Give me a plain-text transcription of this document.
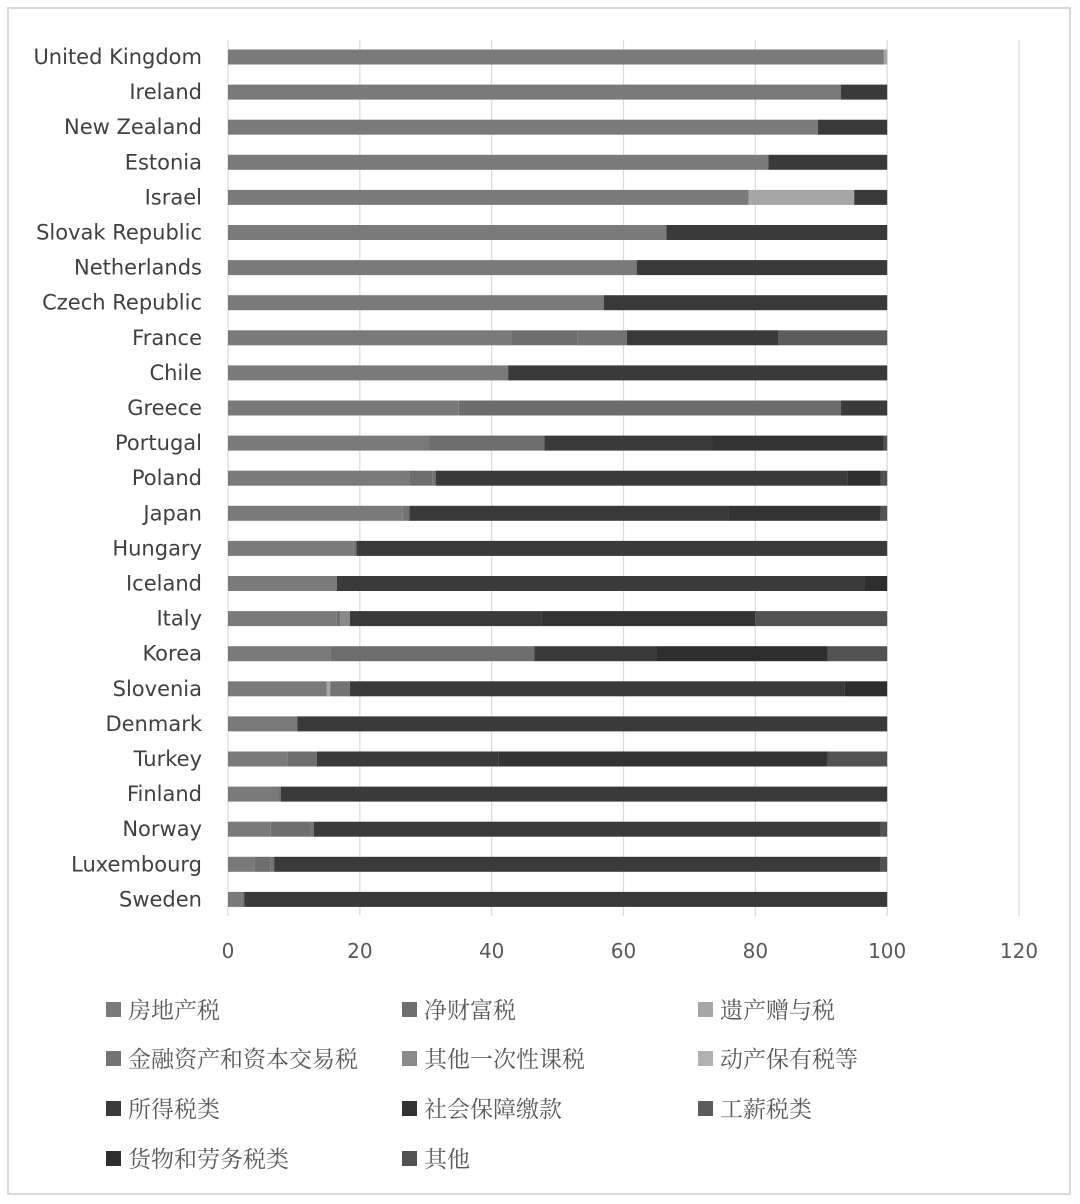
United Kingdom
Ireland
New Zealand
Estonia
Israel
Slovak Republic
Netherlands
Czech Republic
France
Chile
Greece
Portugal
Poland
Japan
Hungary
Iceland
Italy
Korea
Slovenia
Denmark
Turkey
Finland
Norway
Luxembourg
Sweden
0	20	40	60	80	100	120
房地产税	净财富税	遗产赠与税
金融资产和资本交易税	其他一次性课税	动产保有税等
所得税类	社会保障缴款	工薪税类
货物和劳务税类	其他
